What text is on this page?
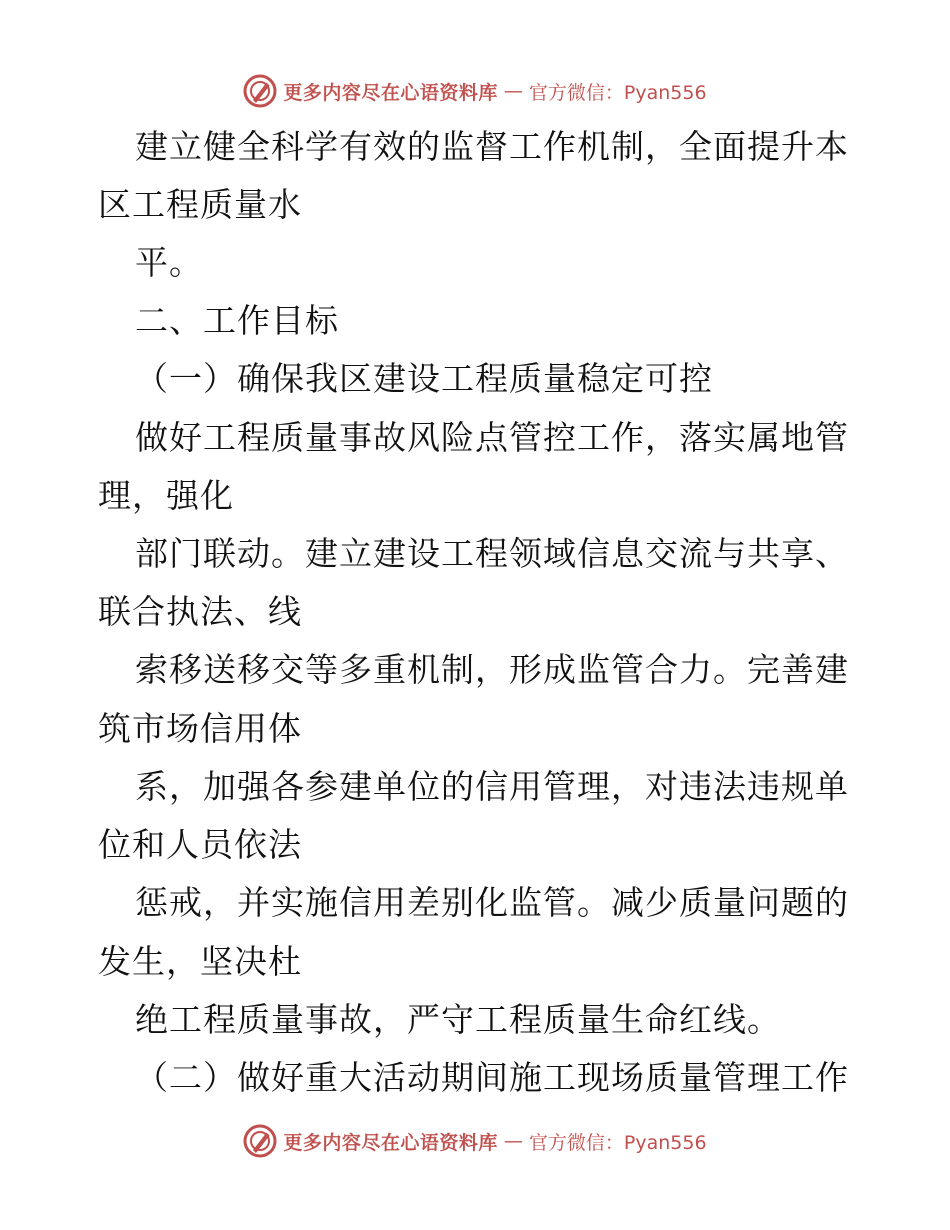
更多内容尽在心语资料库 — 官方微信：Pyan556
建立健全科学有效的监督工作机制，全面提升本
区工程质量水
平。
二、工作目标
（一）确保我区建设工程质量稳定可控
做好工程质量事故风险点管控工作，落实属地管
理，强化
部门联动。建立建设工程领域信息交流与共享、
联合执法、线
索移送移交等多重机制，形成监管合力。完善建
筑市场信用体
系，加强各参建单位的信用管理，对违法违规单
位和人员依法
惩戒，并实施信用差别化监管。减少质量问题的
发生，坚决杜
绝工程质量事故，严守工程质量生命红线。
（二）做好重大活动期间施工现场质量管理工作
更多内容尽在心语资料库 — 官方微信：Pyan556
